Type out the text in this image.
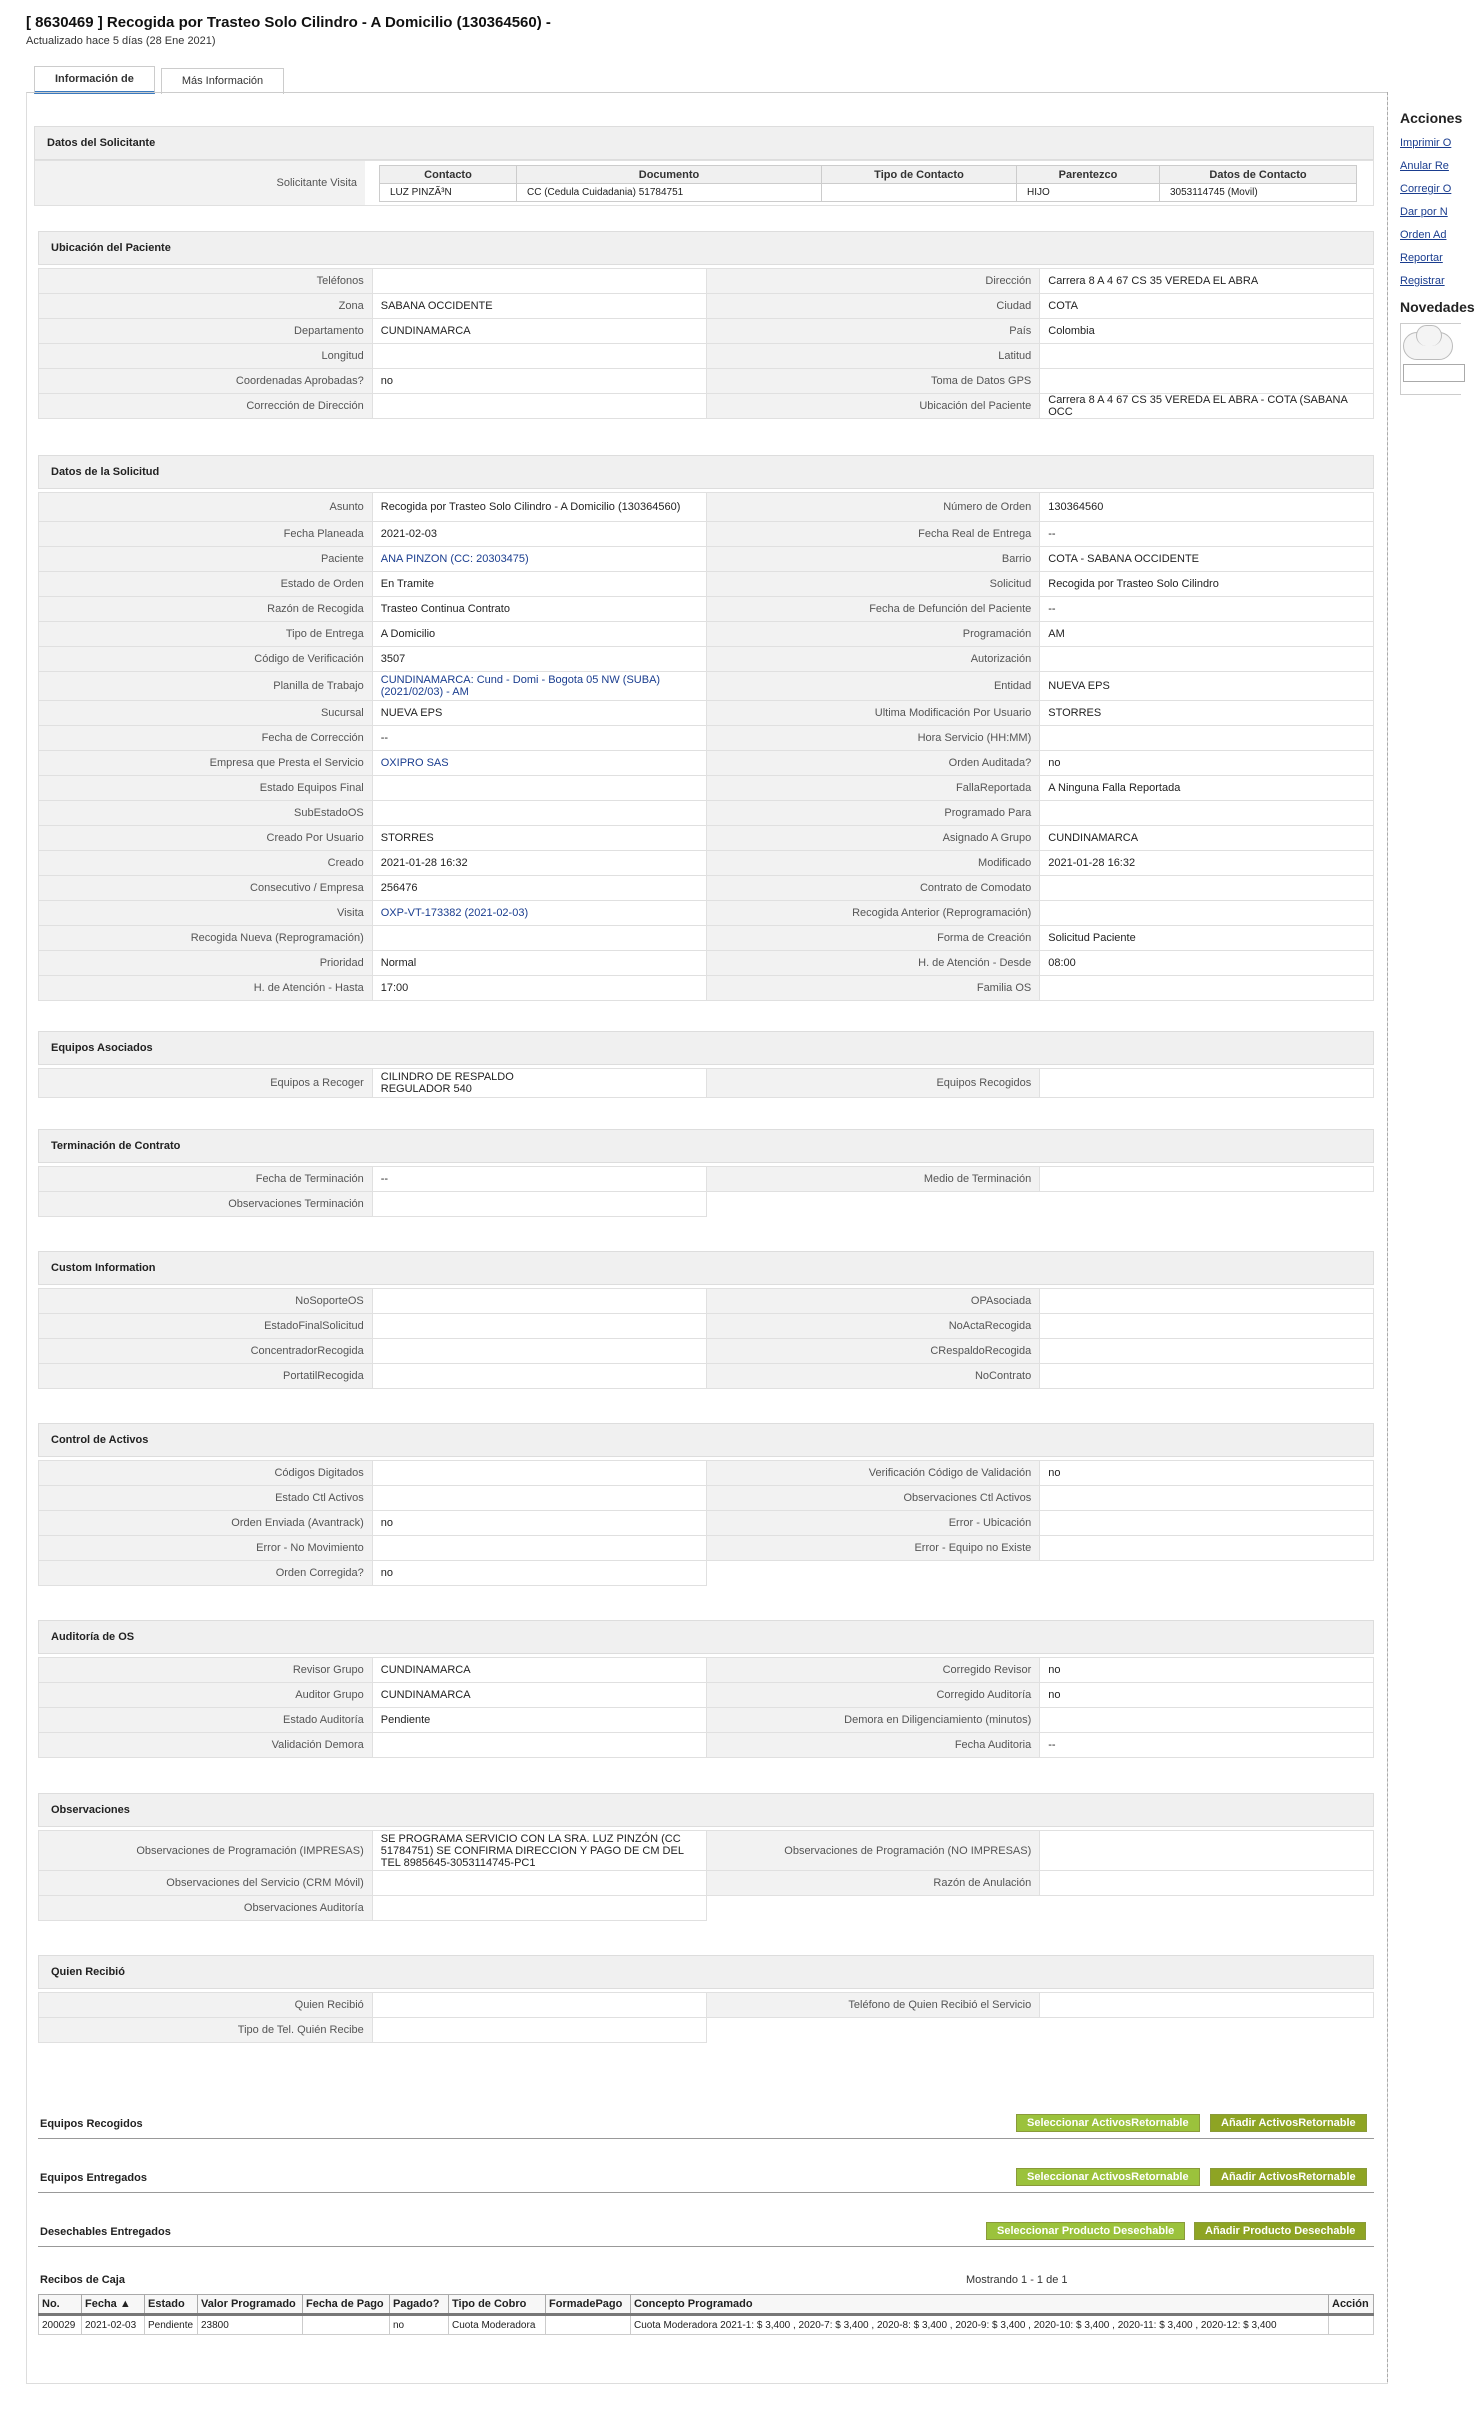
[ 8630469 ] Recogida por Trasteo Solo Cilindro - A Domicilio (130364560) -
Actualizado hace 5 días (28 Ene 2021)
Información de	Más Información
Acciones
Imprimir O
Anular Re
Corregir O
Dar por N
Orden Ad
Reportar
Registrar
Novedades
Datos del Solicitante
Solicitante Visita
Contacto	Documento	Tipo de Contacto	Parentezco	Datos de Contacto
LUZ PINZÃ³N	CC (Cedula Cuidadania) 51784751		HIJO	3053114745 (Movil)
Ubicación del Paciente
Teléfonos		Dirección	Carrera 8 A 4 67 CS 35 VEREDA EL ABRA
Zona	SABANA OCCIDENTE	Ciudad	COTA
Departamento	CUNDINAMARCA	País	Colombia
Longitud		Latitud	
Coordenadas Aprobadas?	no	Toma de Datos GPS	
Corrección de Dirección		Ubicación del Paciente	Carrera 8 A 4 67 CS 35 VEREDA EL ABRA - COTA (SABANA OCC
Datos de la Solicitud
Asunto	Recogida por Trasteo Solo Cilindro - A Domicilio (130364560)	Número de Orden	130364560
Fecha Planeada	2021-02-03	Fecha Real de Entrega	--
Paciente	ANA PINZON (CC: 20303475)	Barrio	COTA - SABANA OCCIDENTE
Estado de Orden	En Tramite	Solicitud	Recogida por Trasteo Solo Cilindro
Razón de Recogida	Trasteo Continua Contrato	Fecha de Defunción del Paciente	--
Tipo de Entrega	A Domicilio	Programación	AM
Código de Verificación	3507	Autorización	
Planilla de Trabajo	CUNDINAMARCA: Cund - Domi - Bogota 05 NW (SUBA) (2021/02/03) - AM	Entidad	NUEVA EPS
Sucursal	NUEVA EPS	Ultima Modificación Por Usuario	STORRES
Fecha de Corrección	--	Hora Servicio (HH:MM)	
Empresa que Presta el Servicio	OXIPRO SAS	Orden Auditada?	no
Estado Equipos Final		FallaReportada	A Ninguna Falla Reportada
SubEstadoOS		Programado Para	
Creado Por Usuario	STORRES	Asignado A Grupo	CUNDINAMARCA
Creado	2021-01-28 16:32	Modificado	2021-01-28 16:32
Consecutivo / Empresa	256476	Contrato de Comodato	
Visita	OXP-VT-173382 (2021-02-03)	Recogida Anterior (Reprogramación)	
Recogida Nueva (Reprogramación)		Forma de Creación	Solicitud Paciente
Prioridad	Normal	H. de Atención - Desde	08:00
H. de Atención - Hasta	17:00	Familia OS	
Equipos Asociados
Equipos a Recoger	CILINDRO DE RESPALDO
REGULADOR 540	Equipos Recogidos	
Terminación de Contrato
Fecha de Terminación	--	Medio de Terminación	
Observaciones Terminación			
Custom Information
NoSoporteOS		OPAsociada	
EstadoFinalSolicitud		NoActaRecogida	
ConcentradorRecogida		CRespaldoRecogida	
PortatilRecogida		NoContrato	
Control de Activos
Códigos Digitados		Verificación Código de Validación	no
Estado Ctl Activos		Observaciones Ctl Activos	
Orden Enviada (Avantrack)	no	Error - Ubicación	
Error - No Movimiento		Error - Equipo no Existe	
Orden Corregida?	no		
Auditoría de OS
Revisor Grupo	CUNDINAMARCA	Corregido Revisor	no
Auditor Grupo	CUNDINAMARCA	Corregido Auditoría	no
Estado Auditoría	Pendiente	Demora en Diligenciamiento (minutos)	
Validación Demora		Fecha Auditoria	--
Observaciones
Observaciones de Programación (IMPRESAS)	SE PROGRAMA SERVICIO CON LA SRA. LUZ PINZÓN (CC 51784751) SE CONFIRMA DIRECCION Y PAGO DE CM DEL TEL 8985645-3053114745-PC1	Observaciones de Programación (NO IMPRESAS)	
Observaciones del Servicio (CRM Móvil)		Razón de Anulación	
Observaciones Auditoría			
Quien Recibió
Quien Recibió		Teléfono de Quien Recibió el Servicio	
Tipo de Tel. Quién Recibe			
Equipos Recogidos	Seleccionar ActivosRetornable	Añadir ActivosRetornable
Equipos Entregados	Seleccionar ActivosRetornable	Añadir ActivosRetornable
Desechables Entregados	Seleccionar Producto Desechable	Añadir Producto Desechable
Recibos de Caja	Mostrando 1 - 1 de 1
No.	Fecha ▲	Estado	Valor Programado	Fecha de Pago	Pagado?	Tipo de Cobro	FormadePago	Concepto Programado	Acción
200029	2021-02-03	Pendiente	23800		no	Cuota Moderadora		Cuota Moderadora 2021-1: $ 3,400 , 2020-7: $ 3,400 , 2020-8: $ 3,400 , 2020-9: $ 3,400 , 2020-10: $ 3,400 , 2020-11: $ 3,400 , 2020-12: $ 3,400	
